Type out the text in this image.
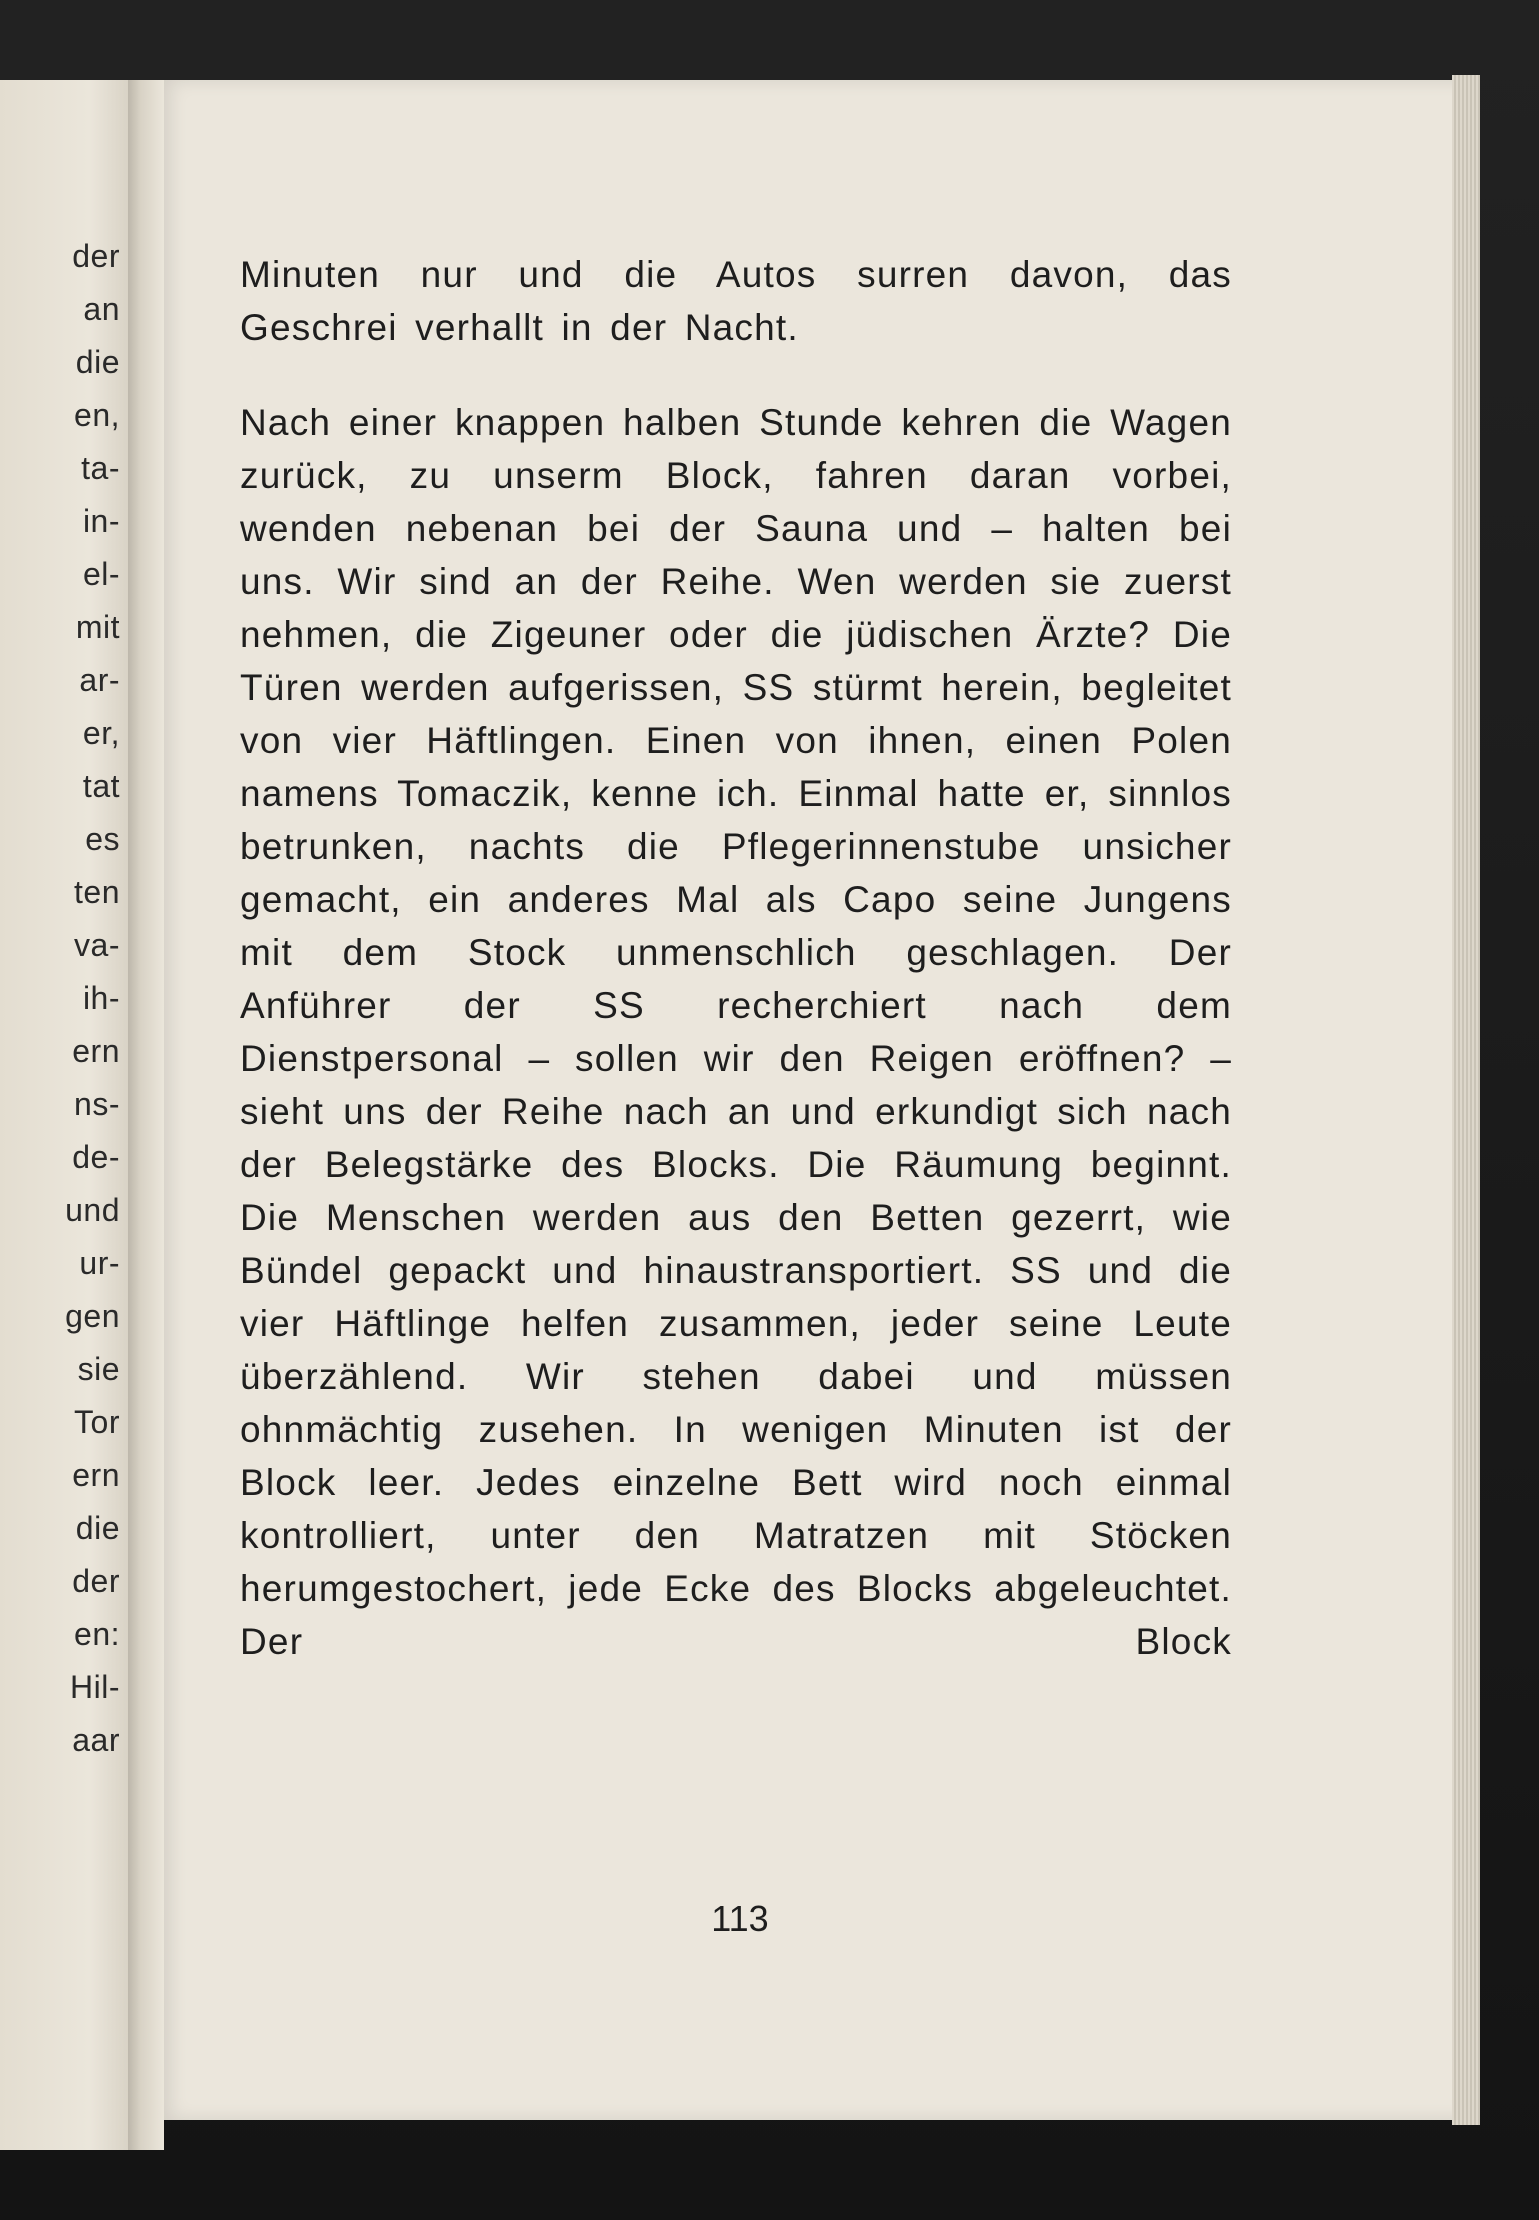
der
an
die
en,
ta-
in-
el-
mit
ar-
er,
tat
es
ten
va-
ih-
ern
ns-
de-
und
ur-
gen
sie
Tor
ern
die
der
en:
Hil-
aar

Minuten nur und die Autos surren davon, das Geschrei verhallt in der Nacht.

Nach einer knappen halben Stunde kehren die Wagen zurück, zu unserm Block, fahren daran vorbei, wenden nebenan bei der Sauna und – halten bei uns. Wir sind an der Reihe. Wen werden sie zuerst nehmen, die Zigeuner oder die jüdischen Ärzte? Die Türen werden aufgerissen, SS stürmt herein, begleitet von vier Häftlingen. Einen von ihnen, einen Polen namens Tomaczik, kenne ich. Einmal hatte er, sinnlos betrunken, nachts die Pflegerinnenstube unsicher gemacht, ein anderes Mal als Capo seine Jungens mit dem Stock unmenschlich geschlagen. Der Anführer der SS recherchiert nach dem Dienstpersonal – sollen wir den Reigen eröffnen? – sieht uns der Reihe nach an und erkundigt sich nach der Belegstärke des Blocks. Die Räumung beginnt. Die Menschen werden aus den Betten gezerrt, wie Bündel gepackt und hinaustransportiert. SS und die vier Häftlinge helfen zusammen, jeder seine Leute überzählend. Wir stehen dabei und müssen ohnmächtig zusehen. In wenigen Minuten ist der Block leer. Jedes einzelne Bett wird noch einmal kontrolliert, unter den Matratzen mit Stöcken herumgestochert, jede Ecke des Blocks abgeleuchtet. Der Block

113
